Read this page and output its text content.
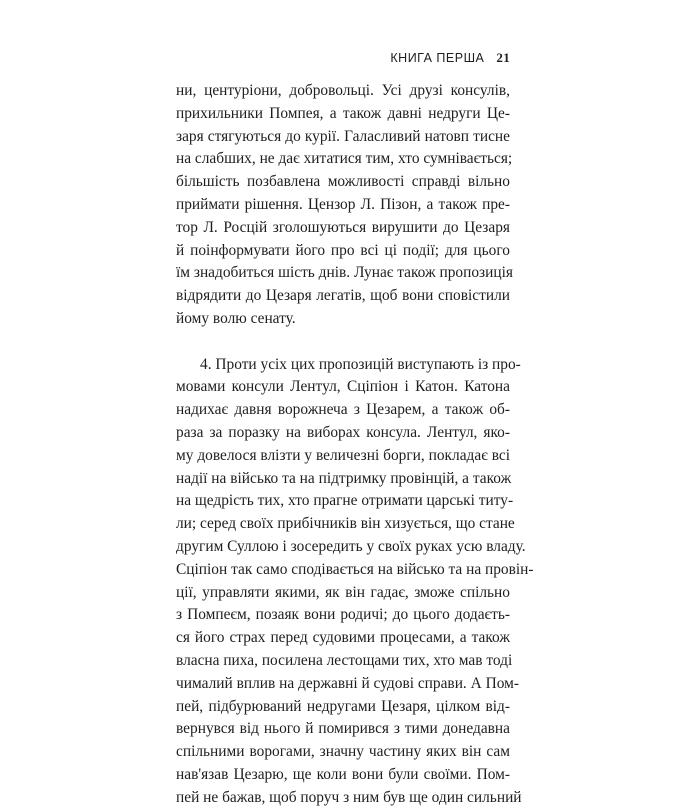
КНИГА ПЕРША 21
ни, центуріони, добровольці. Усі друзі консулів,
прихильники Помпея, а також давні недруги Це-
заря стягуються до курії. Галасливий натовп тисне
на слабших, не дає хитатися тим, хто сумнівається;
більшість позбавлена можливості справді вільно
приймати рішення. Цензор Л. Пізон, а також пре-
тор Л. Росцій зголошуються вирушити до Цезаря
й поінформувати його про всі ці події; для цього
їм знадобиться шість днів. Лунає також пропозиція
відрядити до Цезаря легатів, щоб вони сповістили
йому волю сенату.
4. Проти усіх цих пропозицій виступають із про-
мовами консули Лентул, Сціпіон і Катон. Катона
надихає давня ворожнеча з Цезарем, а також об-
раза за поразку на виборах консула. Лентул, яко-
му довелося влізти у величезні борги, покладає всі
надії на військо та на підтримку провінцій, а також
на щедрість тих, хто прагне отримати царські титу-
ли; серед своїх прибічників він хизується, що стане
другим Суллою і зосередить у своїх руках усю владу.
Сціпіон так само сподівається на військо та на провін-
ції, управляти якими, як він гадає, зможе спільно
з Помпеєм, позаяк вони родичі; до цього додаєть-
ся його страх перед судовими процесами, а також
власна пиха, посилена лестощами тих, хто мав тоді
чималий вплив на державні й судові справи. А Пом-
пей, підбурюваний недругами Цезаря, цілком від-
вернувся від нього й помирився з тими донедавна
спільними ворогами, значну частину яких він сам
нав'язав Цезарю, ще коли вони були своїми. Пом-
пей не бажав, щоб поруч з ним був ще один сильний
